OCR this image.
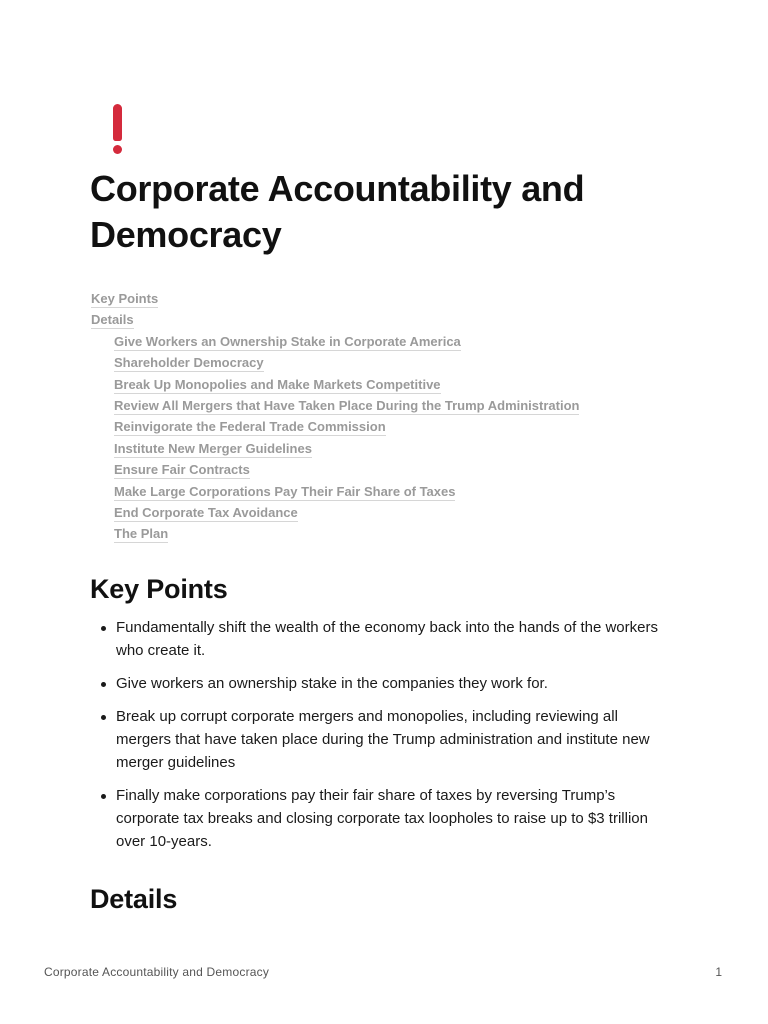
Corporate Accountability and Democracy
Key Points
Details
Give Workers an Ownership Stake in Corporate America
Shareholder Democracy
Break Up Monopolies and Make Markets Competitive
Review All Mergers that Have Taken Place During the Trump Administration
Reinvigorate the Federal Trade Commission
Institute New Merger Guidelines
Ensure Fair Contracts
Make Large Corporations Pay Their Fair Share of Taxes
End Corporate Tax Avoidance
The Plan
Key Points
Fundamentally shift the wealth of the economy back into the hands of the workers who create it.
Give workers an ownership stake in the companies they work for.
Break up corrupt corporate mergers and monopolies, including reviewing all mergers that have taken place during the Trump administration and institute new merger guidelines
Finally make corporations pay their fair share of taxes by reversing Trump’s corporate tax breaks and closing corporate tax loopholes to raise up to $3 trillion over 10-years.
Details
Corporate Accountability and Democracy	1
